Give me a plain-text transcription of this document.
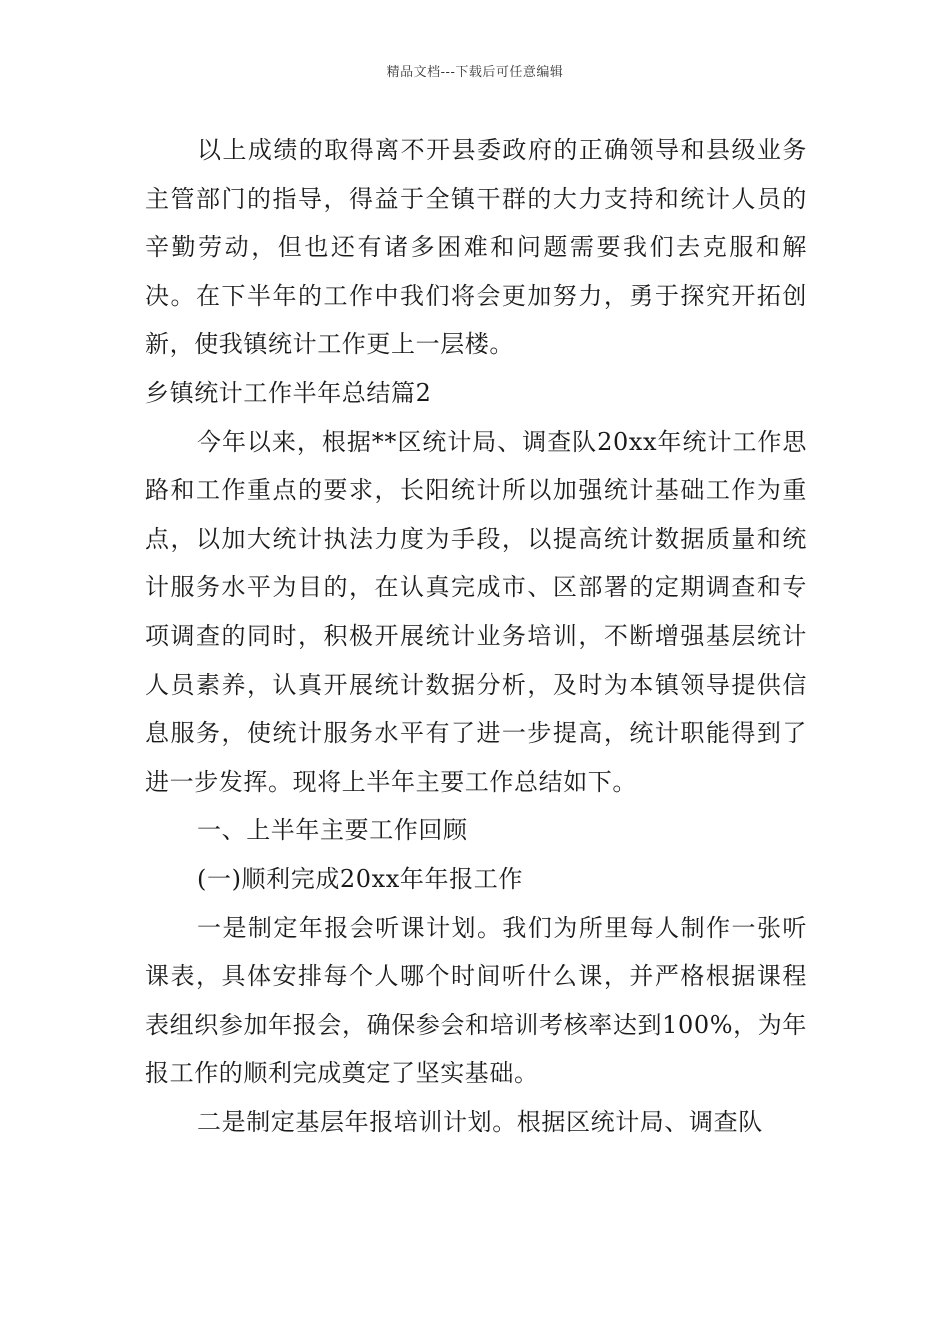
精品文档---下载后可任意编辑

以上成绩的取得离不开县委政府的正确领导和县级业务主管部门的指导，得益于全镇干群的大力支持和统计人员的辛勤劳动，但也还有诸多困难和问题需要我们去克服和解决。在下半年的工作中我们将会更加努力，勇于探究开拓创新，使我镇统计工作更上一层楼。

乡镇统计工作半年总结篇2

今年以来，根据**区统计局、调查队20xx年统计工作思路和工作重点的要求，长阳统计所以加强统计基础工作为重点，以加大统计执法力度为手段，以提高统计数据质量和统计服务水平为目的，在认真完成市、区部署的定期调查和专项调查的同时，积极开展统计业务培训，不断增强基层统计人员素养，认真开展统计数据分析，及时为本镇领导提供信息服务，使统计服务水平有了进一步提高，统计职能得到了进一步发挥。现将上半年主要工作总结如下。

一、上半年主要工作回顾

(一)顺利完成20xx年年报工作

一是制定年报会听课计划。我们为所里每人制作一张听课表，具体安排每个人哪个时间听什么课，并严格根据课程表组织参加年报会，确保参会和培训考核率达到100%，为年报工作的顺利完成奠定了坚实基础。

二是制定基层年报培训计划。根据区统计局、调查队
